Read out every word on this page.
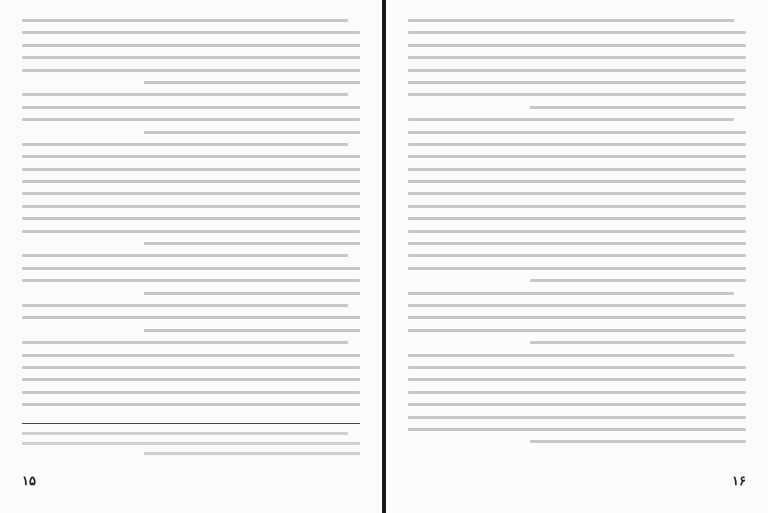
۱۵	۱۶
